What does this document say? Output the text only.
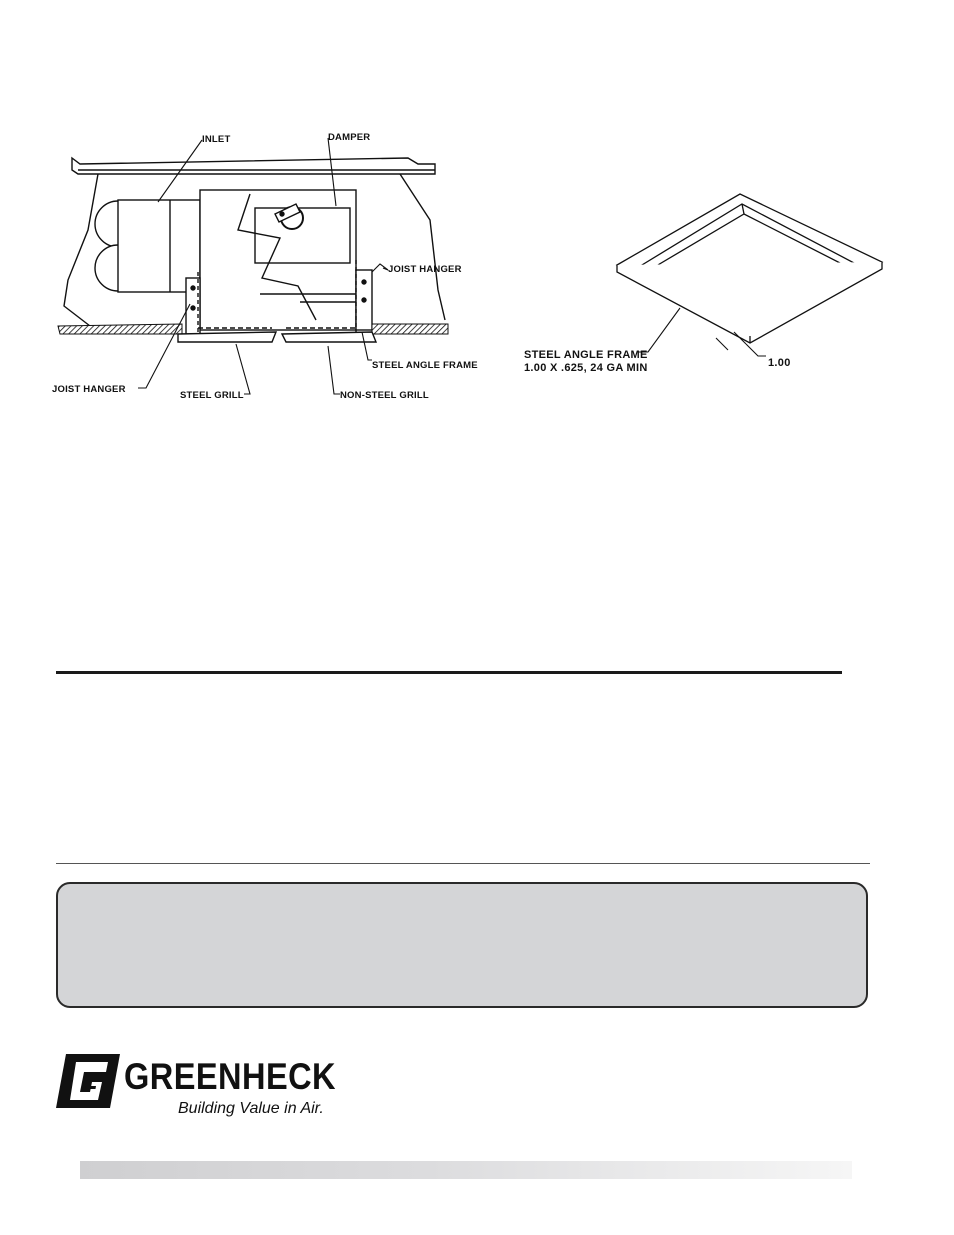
INLET	DAMPER
JOIST HANGER
STEEL ANGLE FRAME
JOIST HANGER
STEEL GRILL	NON-STEEL GRILL
STEEL ANGLE FRAME
1.00 X .625, 24 GA MIN	1.00
GREENHECK
Building Value in Air.
